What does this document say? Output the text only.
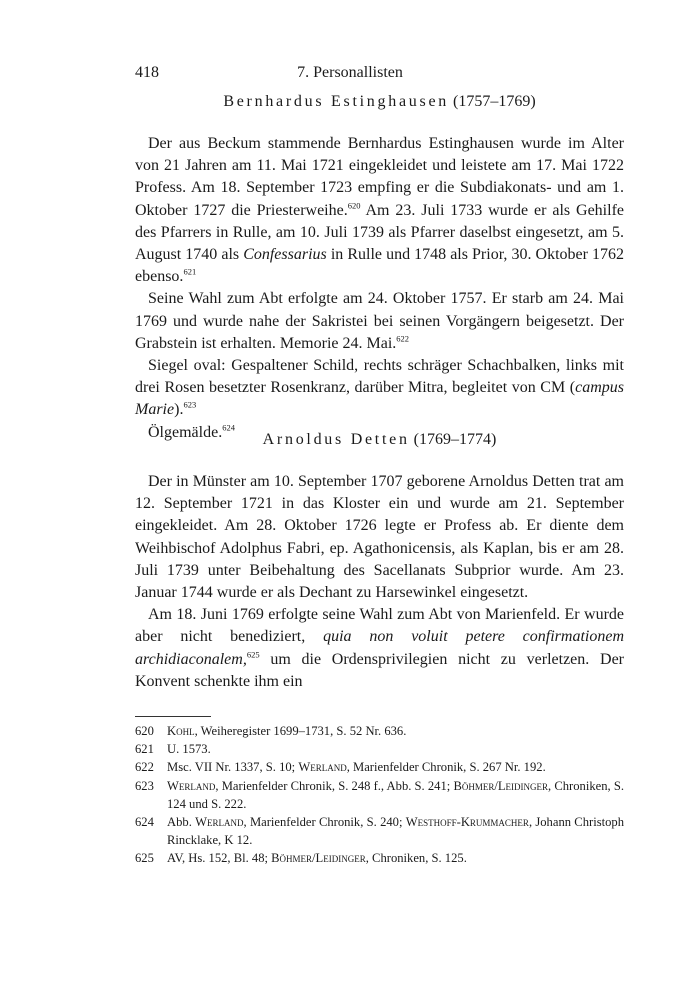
418	7. Personallisten

Bernhardus Estinghausen (1757–1769)

Der aus Beckum stammende Bernhardus Estinghausen wurde im Alter von 21 Jahren am 11. Mai 1721 eingekleidet und leistete am 17. Mai 1722 Profess. Am 18. September 1723 empfing er die Subdiakonats- und am 1. Oktober 1727 die Priesterweihe.$^{620}$ Am 23. Juli 1733 wurde er als Gehilfe des Pfarrers in Rulle, am 10. Juli 1739 als Pfarrer daselbst eingesetzt, am 5. August 1740 als Confessarius in Rulle und 1748 als Prior, 30. Oktober 1762 ebenso.$^{621}$

Seine Wahl zum Abt erfolgte am 24. Oktober 1757. Er starb am 24. Mai 1769 und wurde nahe der Sakristei bei seinen Vorgängern beigesetzt. Der Grabstein ist erhalten. Memorie 24. Mai.$^{622}$

Siegel oval: Gespaltener Schild, rechts schräger Schachbalken, links mit drei Rosen besetzter Rosenkranz, darüber Mitra, begleitet von CM (campus Marie).$^{623}$

Ölgemälde.$^{624}$

Arnoldus Detten (1769–1774)

Der in Münster am 10. September 1707 geborene Arnoldus Detten trat am 12. September 1721 in das Kloster ein und wurde am 21. September eingekleidet. Am 28. Oktober 1726 legte er Profess ab. Er diente dem Weihbischof Adolphus Fabri, ep. Agathonicensis, als Kaplan, bis er am 28. Juli 1739 unter Beibehaltung des Sacellanats Subprior wurde. Am 23. Januar 1744 wurde er als Dechant zu Harsewinkel eingesetzt.

Am 18. Juni 1769 erfolgte seine Wahl zum Abt von Marienfeld. Er wurde aber nicht benediziert, quia non voluit petere confirmationem archidiaconalem,$^{625}$ um die Ordensprivilegien nicht zu verletzen. Der Konvent schenkte ihm ein

620 Kohl, Weiheregister 1699–1731, S. 52 Nr. 636.
621 U. 1573.
622 Msc. VII Nr. 1337, S. 10; Werland, Marienfelder Chronik, S. 267 Nr. 192.
623 Werland, Marienfelder Chronik, S. 248 f., Abb. S. 241; Böhmer/Leidinger, Chroniken, S. 124 und S. 222.
624 Abb. Werland, Marienfelder Chronik, S. 240; Westhoff-Krummacher, Johann Christoph Rincklake, K 12.
625 AV, Hs. 152, Bl. 48; Böhmer/Leidinger, Chroniken, S. 125.
